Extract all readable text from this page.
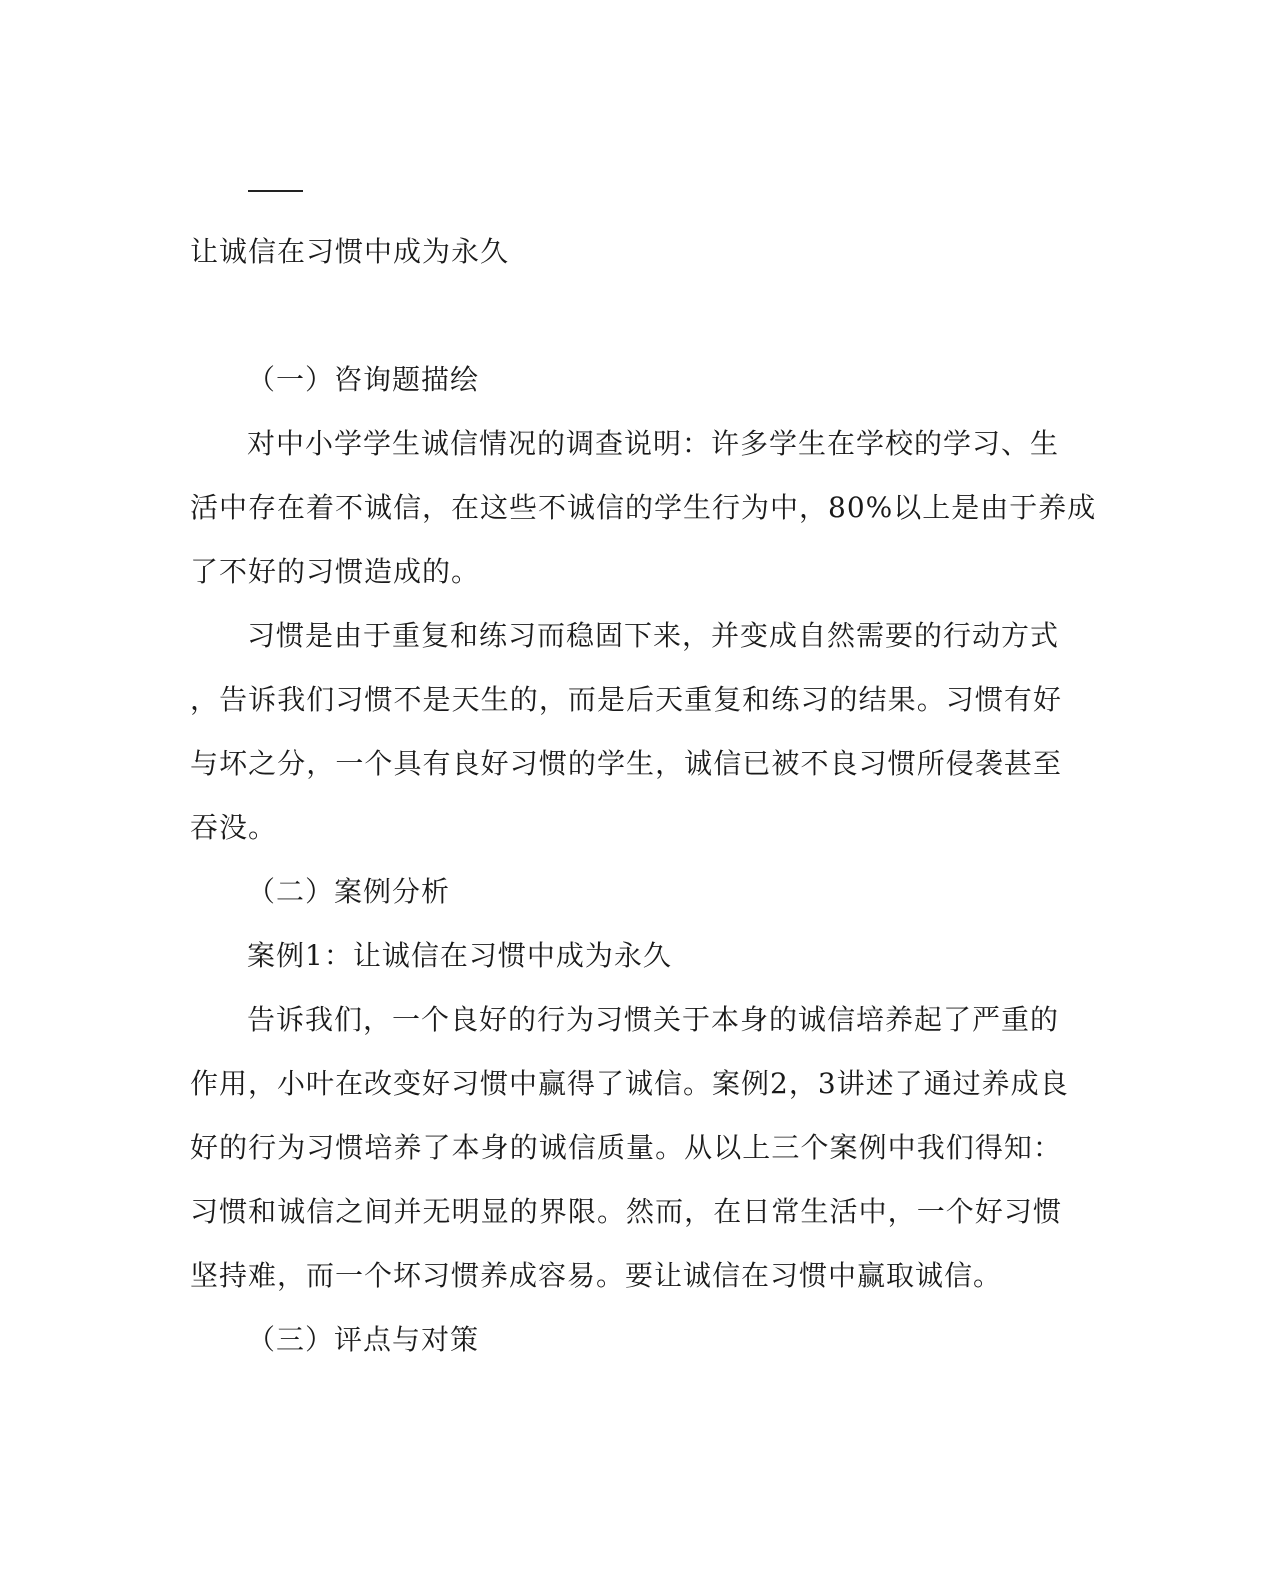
让诚信在习惯中成为永久
（一）咨询题描绘
对中小学学生诚信情况的调查说明：许多学生在学校的学习、生
活中存在着不诚信，在这些不诚信的学生行为中，80%以上是由于养成
了不好的习惯造成的。
习惯是由于重复和练习而稳固下来，并变成自然需要的行动方式
，告诉我们习惯不是天生的，而是后天重复和练习的结果。习惯有好
与坏之分，一个具有良好习惯的学生，诚信已被不良习惯所侵袭甚至
吞没。
（二）案例分析
案例1：让诚信在习惯中成为永久
告诉我们，一个良好的行为习惯关于本身的诚信培养起了严重的
作用，小叶在改变好习惯中赢得了诚信。案例2，3讲述了通过养成良
好的行为习惯培养了本身的诚信质量。从以上三个案例中我们得知：
习惯和诚信之间并无明显的界限。然而，在日常生活中，一个好习惯
坚持难，而一个坏习惯养成容易。要让诚信在习惯中赢取诚信。
（三）评点与对策
